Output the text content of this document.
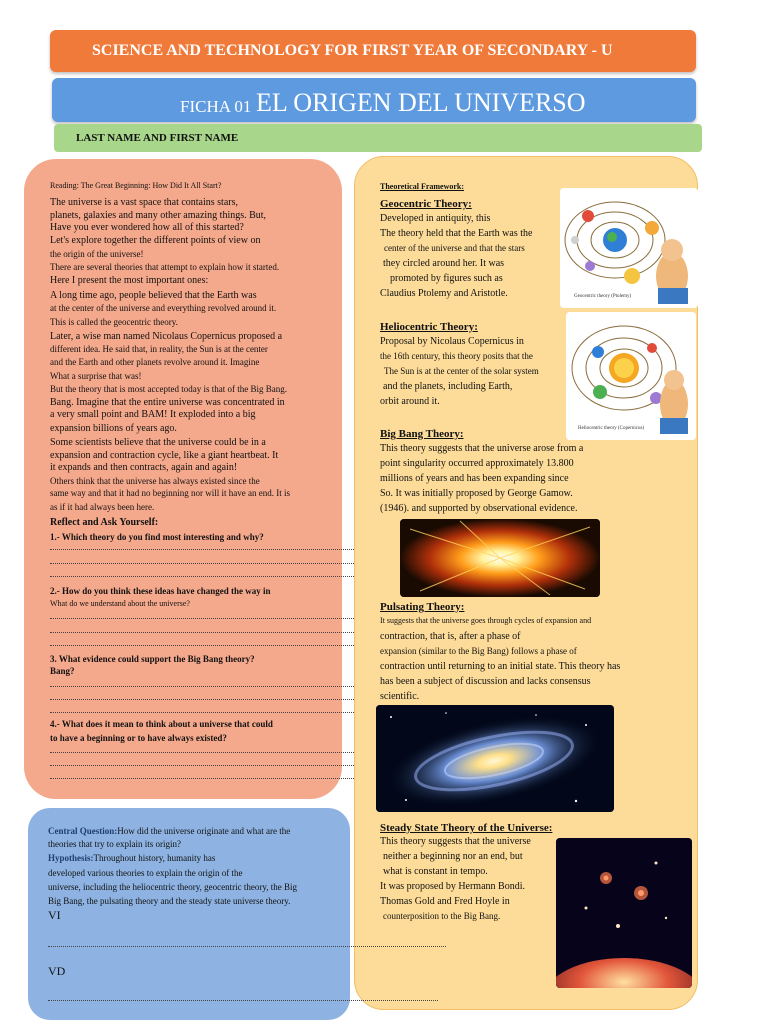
SCIENCE AND TECHNOLOGY FOR FIRST YEAR OF SECONDARY - U
FICHA 01 EL ORIGEN DEL UNIVERSO
LAST NAME AND FIRST NAME
Reading: The Great Beginning: How Did It All Start?
The universe is a vast space that contains stars,
planets, galaxies and many other amazing things. But,
Have you ever wondered how all of this started?
Let's explore together the different points of view on
the origin of the universe!
There are several theories that attempt to explain how it started.
Here I present the most important ones:
A long time ago, people believed that the Earth was
at the center of the universe and everything revolved around it.
This is called the geocentric theory.
Later, a wise man named Nicolaus Copernicus proposed a
different idea. He said that, in reality, the Sun is at the center
and the Earth and other planets revolve around it. Imagine
What a surprise that was!
But the theory that is most accepted today is that of the Big Bang.
Bang. Imagine that the entire universe was concentrated in
a very small point and BAM! It exploded into a big
expansion billions of years ago.
Some scientists believe that the universe could be in a
expansion and contraction cycle, like a giant heartbeat. It
it expands and then contracts, again and again!
Others think that the universe has always existed since the
same way and that it had no beginning nor will it have an end. It is
as if it had always been here.
Reflect and Ask Yourself:
1.- Which theory do you find most interesting and why?
2.- How do you think these ideas have changed the way in
What do we understand about the universe?
3. What evidence could support the Big Bang theory?
Bang?
4.- What does it mean to think about a universe that could
to have a beginning or to have always existed?
Theoretical Framework:
Geocentric Theory:
Developed in antiquity, this
The theory held that the Earth was the
center of the universe and that the stars
they circled around her. It was
promoted by figures such as
Claudius Ptolemy and Aristotle.	Geocentric theory (Ptolemy)
Heliocentric Theory:
Proposal by Nicolaus Copernicus in
the 16th century, this theory posits that the
The Sun is at the center of the solar system
and the planets, including Earth,
orbit around it.
Heliocentric theory (Copernicus)
Big Bang Theory:
This theory suggests that the universe arose from a
point singularity occurred approximately 13.800
millions of years and has been expanding since
So. It was initially proposed by George Gamow.
(1946). and supported by observational evidence.
Pulsating Theory:
It suggests that the universe goes through cycles of expansion and
contraction, that is, after a phase of
expansion (similar to the Big Bang) follows a phase of
contraction until returning to an initial state. This theory has
has been a subject of discussion and lacks consensus
scientific.
Steady State Theory of the Universe:
This theory suggests that the universe
neither a beginning nor an end, but
what is constant in tempo.
It was proposed by Hermann Bondi.
Thomas Gold and Fred Hoyle in
counterposition to the Big Bang.
Central Question:How did the universe originate and what are the
theories that try to explain its origin?
Hypothesis:Throughout history, humanity has
developed various theories to explain the origin of the
universe, including the heliocentric theory, geocentric theory, the Big
Big Bang, the pulsating theory and the steady state universe theory.
VI
VD
